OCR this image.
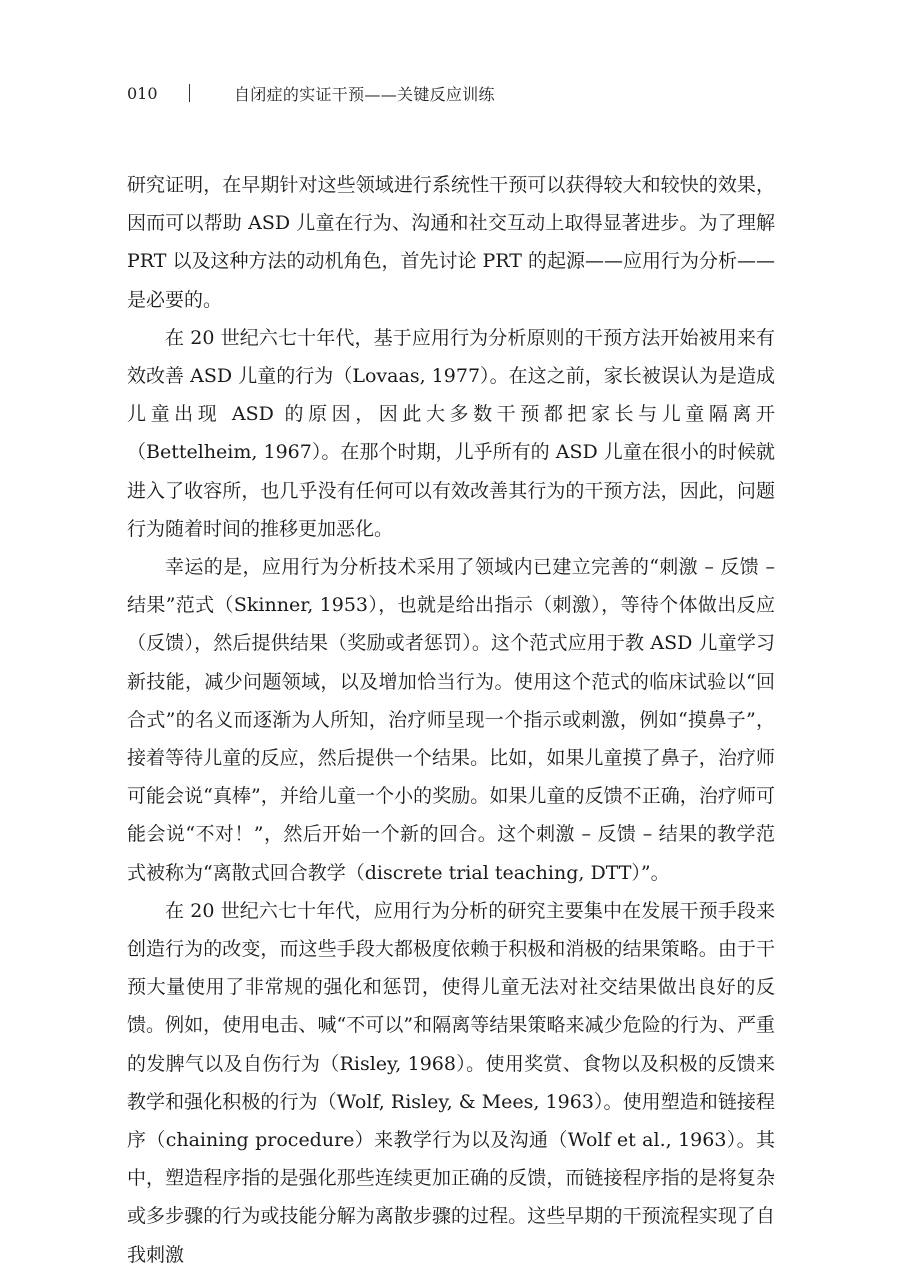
010	自闭症的实证干预——关键反应训练

研究证明，在早期针对这些领域进行系统性干预可以获得较大和较快的效果，因而可以帮助 ASD 儿童在行为、沟通和社交互动上取得显著进步。为了理解 PRT 以及这种方法的动机角色，首先讨论 PRT 的起源——应用行为分析——是必要的。

在 20 世纪六七十年代，基于应用行为分析原则的干预方法开始被用来有效改善 ASD 儿童的行为（Lovaas, 1977）。在这之前，家长被误认为是造成儿童出现 ASD 的原因，因此大多数干预都把家长与儿童隔离开（Bettelheim, 1967）。在那个时期，儿乎所有的 ASD 儿童在很小的时候就进入了收容所，也几乎没有任何可以有效改善其行为的干预方法，因此，问题行为随着时间的推移更加恶化。

幸运的是，应用行为分析技术采用了领域内已建立完善的“刺激 – 反馈 – 结果”范式（Skinner, 1953），也就是给出指示（刺激），等待个体做出反应（反馈），然后提供结果（奖励或者惩罚）。这个范式应用于教 ASD 儿童学习新技能，减少问题领域，以及增加恰当行为。使用这个范式的临床试验以“回合式”的名义而逐渐为人所知，治疗师呈现一个指示或刺激，例如“摸鼻子”，接着等待儿童的反应，然后提供一个结果。比如，如果儿童摸了鼻子，治疗师可能会说“真棒”，并给儿童一个小的奖励。如果儿童的反馈不正确，治疗师可能会说“不对！”，然后开始一个新的回合。这个刺激 – 反馈 – 结果的教学范式被称为“离散式回合教学（discrete trial teaching, DTT）”。

在 20 世纪六七十年代，应用行为分析的研究主要集中在发展干预手段来创造行为的改变，而这些手段大都极度依赖于积极和消极的结果策略。由于干预大量使用了非常规的强化和惩罚，使得儿童无法对社交结果做出良好的反馈。例如，使用电击、喊“不可以”和隔离等结果策略来减少危险的行为、严重的发脾气以及自伤行为（Risley, 1968）。使用奖赏、食物以及积极的反馈来教学和强化积极的行为（Wolf, Risley, & Mees, 1963）。使用塑造和链接程序（chaining procedure）来教学行为以及沟通（Wolf et al., 1963）。其中，塑造程序指的是强化那些连续更加正确的反馈，而链接程序指的是将复杂或多步骤的行为或技能分解为离散步骤的过程。这些早期的干预流程实现了自我刺激
